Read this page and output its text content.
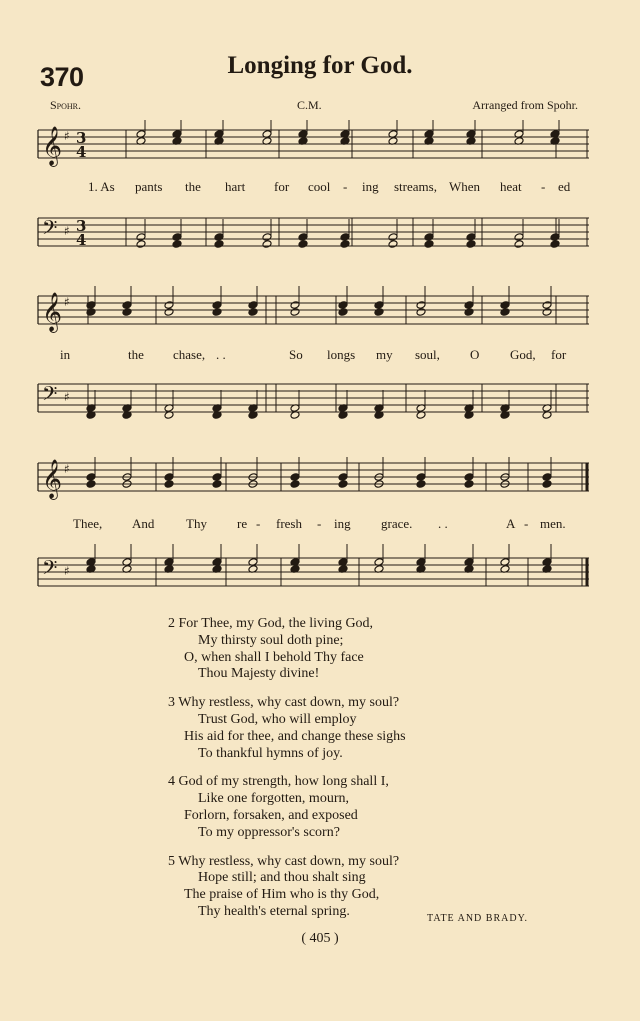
370	Longing for God.
Spohr.	C.M.	Arranged from Spohr.
𝄞 ♯
𝄢 ♯
3
4
3
4
1. As pants the hart for cool - ing streams, When heat - ed
𝄞 ♯
𝄢 ♯
in	the chase, . .	So longs my soul, O God, for
𝄞 ♯
𝄢 ♯
Thee, And Thy re - fresh - ing grace. . .	A - men.
2 For Thee, my God, the living God,
My thirsty soul doth pine;
O, when shall I behold Thy face
Thou Majesty divine!
3 Why restless, why cast down, my soul?
Trust God, who will employ
His aid for thee, and change these sighs
To thankful hymns of joy.
4 God of my strength, how long shall I,
Like one forgotten, mourn,
Forlorn, forsaken, and exposed
To my oppressor's scorn?
5 Why restless, why cast down, my soul?
Hope still; and thou shalt sing
The praise of Him who is thy God,
Thy health's eternal spring.	TATE AND BRADY.
( 405 )
